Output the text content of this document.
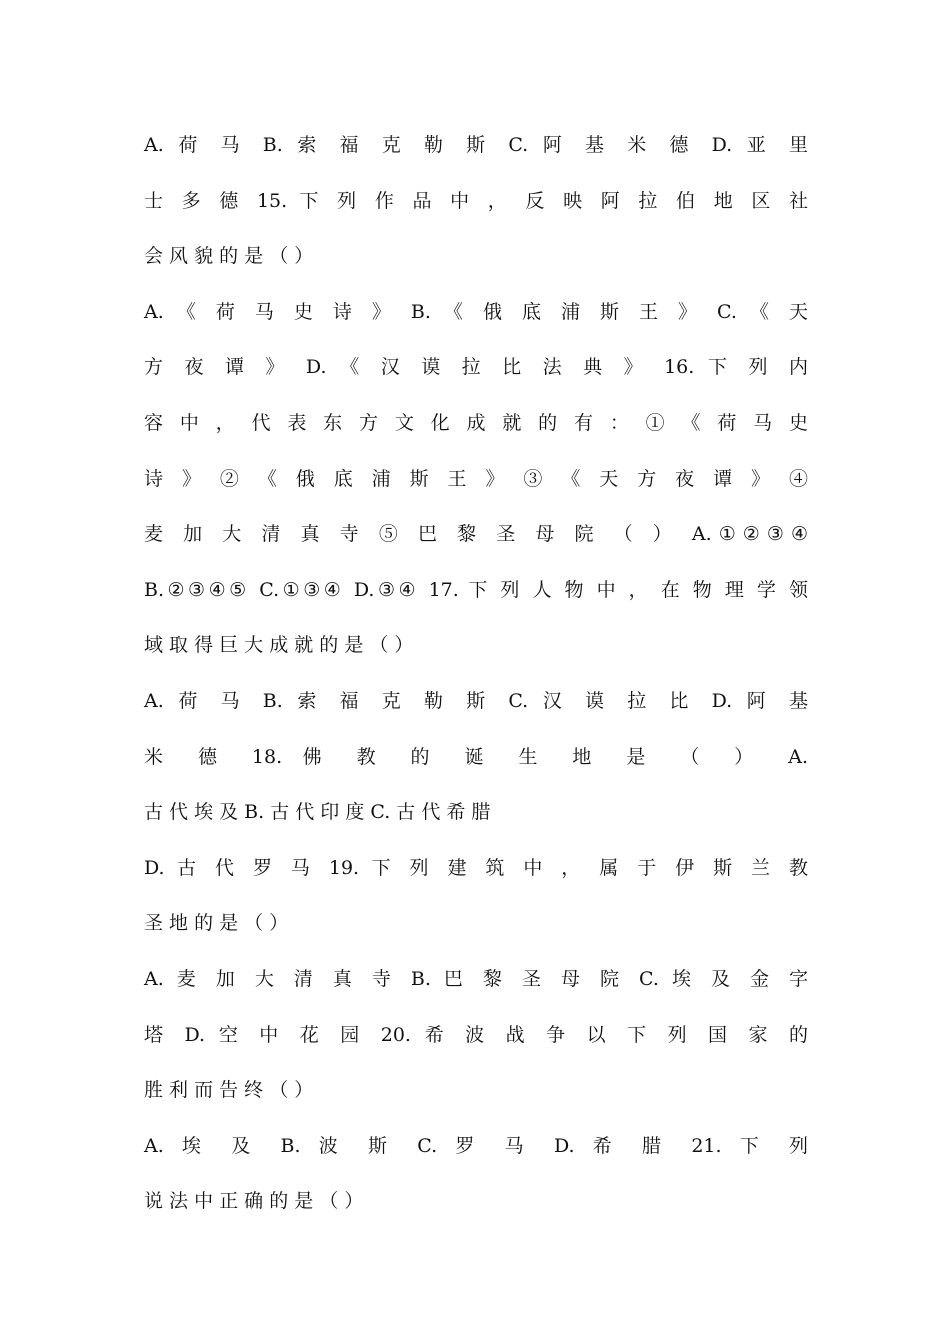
A. 荷 马 B. 索 福 克 勒 斯 C. 阿 基 米 德 D. 亚 里
士 多 德 15. 下 列 作 品 中 ， 反 映 阿 拉 伯 地 区 社
会 风 貌 的 是 （ ）
A. 《 荷 马 史 诗 》 B. 《 俄 底 浦 斯 王 》 C. 《 天
方 夜 谭 》 D. 《 汉 谟 拉 比 法 典 》 16. 下 列 内
容 中 ， 代 表 东 方 文 化 成 就 的 有 ： ① 《 荷 马 史
诗 》 ② 《 俄 底 浦 斯 王 》 ③ 《 天 方 夜 谭 》 ④
麦 加 大 清 真 寺 ⑤ 巴 黎 圣 母 院 （ ） A.①②③④
B.②③④⑤ C.①③④ D.③④ 17. 下 列 人 物 中 ， 在 物 理 学 领
域 取 得 巨 大 成 就 的 是 （ ）
A. 荷 马 B. 索 福 克 勒 斯 C. 汉 谟 拉 比 D. 阿 基
米 德 18. 佛 教 的 诞 生 地 是 （ ） A.
古 代 埃 及 B. 古 代 印 度 C. 古 代 希 腊
D. 古 代 罗 马 19. 下 列 建 筑 中 ， 属 于 伊 斯 兰 教
圣 地 的 是 （ ）
A. 麦 加 大 清 真 寺 B. 巴 黎 圣 母 院 C. 埃 及 金 字
塔 D. 空 中 花 园 20. 希 波 战 争 以 下 列 国 家 的
胜 利 而 告 终 （ ）
A. 埃 及 B. 波 斯 C. 罗 马 D. 希 腊 21. 下 列
说 法 中 正 确 的 是 （ ）
